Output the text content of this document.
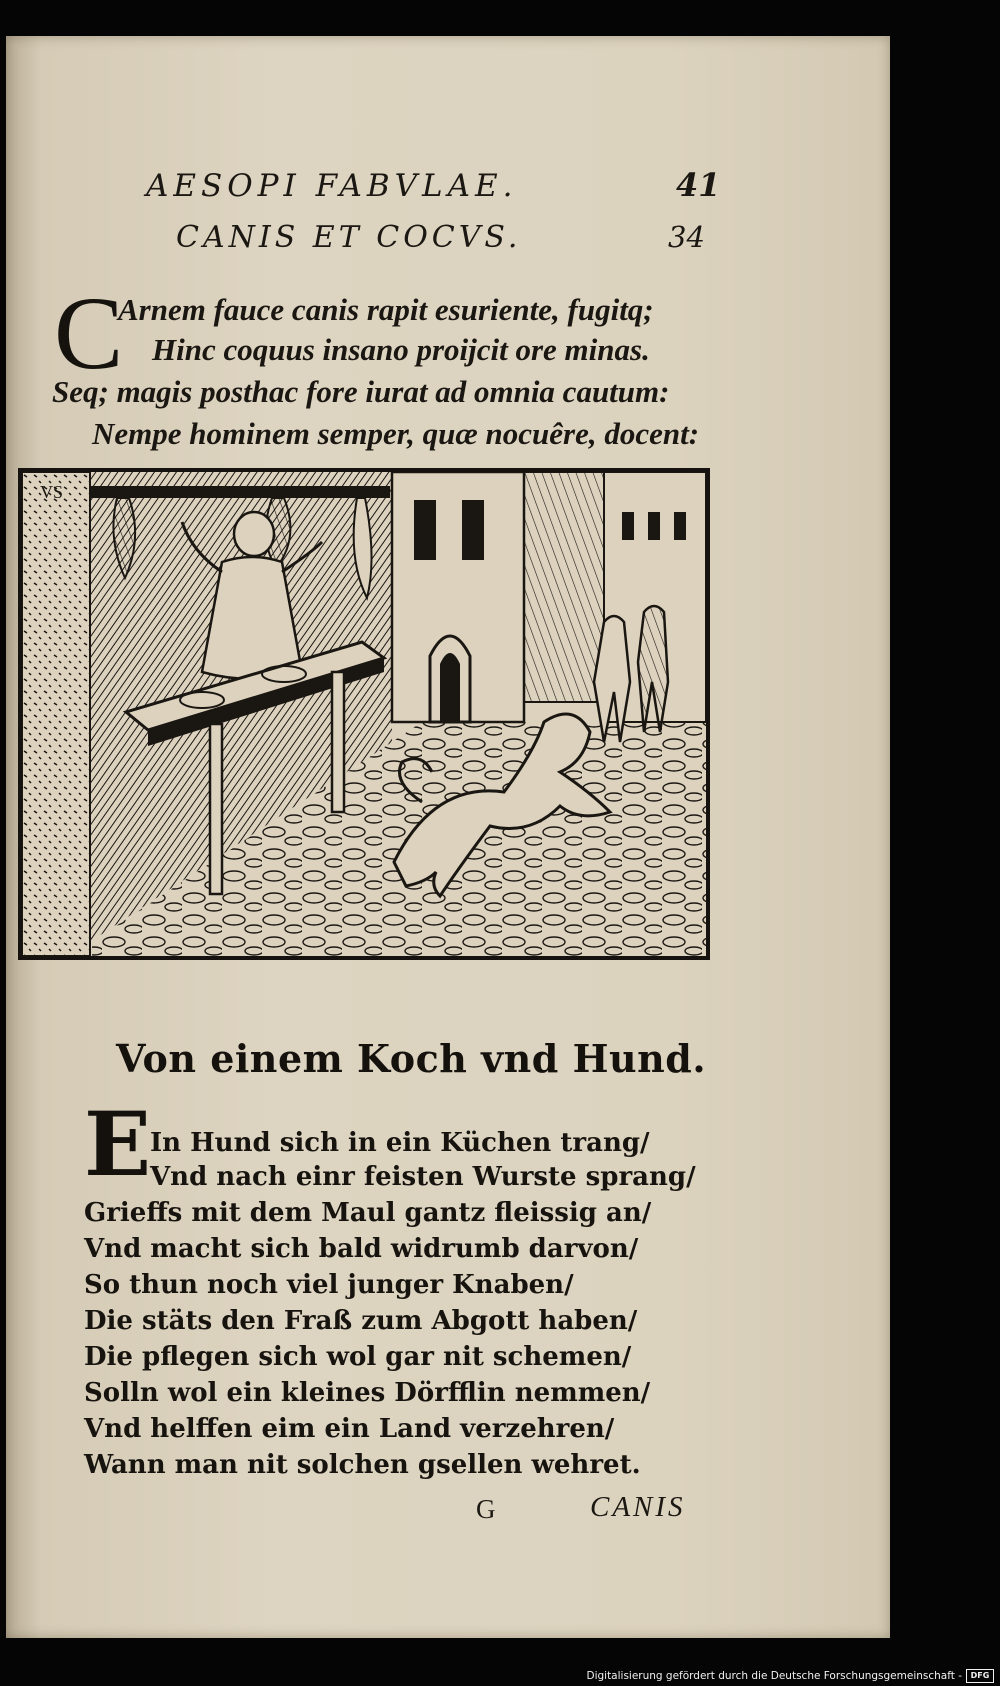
AESOPI FABVLAE.	41
CANIS ET COCVS.	34
C
Arnem fauce canis rapit esuriente, fugitq;
Hinc coquus insano proijcit ore minas.
Seq; magis posthac fore iurat ad omnia cautum:
Nempe hominem semper, quæ nocuêre, docent:
VS
Von einem Koch vnd Hund.
E
In Hund sich in ein Küchen trang/
Vnd nach einr feisten Wurste sprang/
Grieffs mit dem Maul gantz fleissig an/
Vnd macht sich bald widrumb darvon/
So thun noch viel junger Knaben/
Die stäts den Fraß zum Abgott haben/
Die pflegen sich wol gar nit schemen/
Solln wol ein kleines Dörfflin nemmen/
Vnd helffen eim ein Land verzehren/
Wann man nit solchen gsellen wehret.
G	CANIS
Digitalisierung gefördert durch die Deutsche Forschungsgemeinschaft -	DFG
